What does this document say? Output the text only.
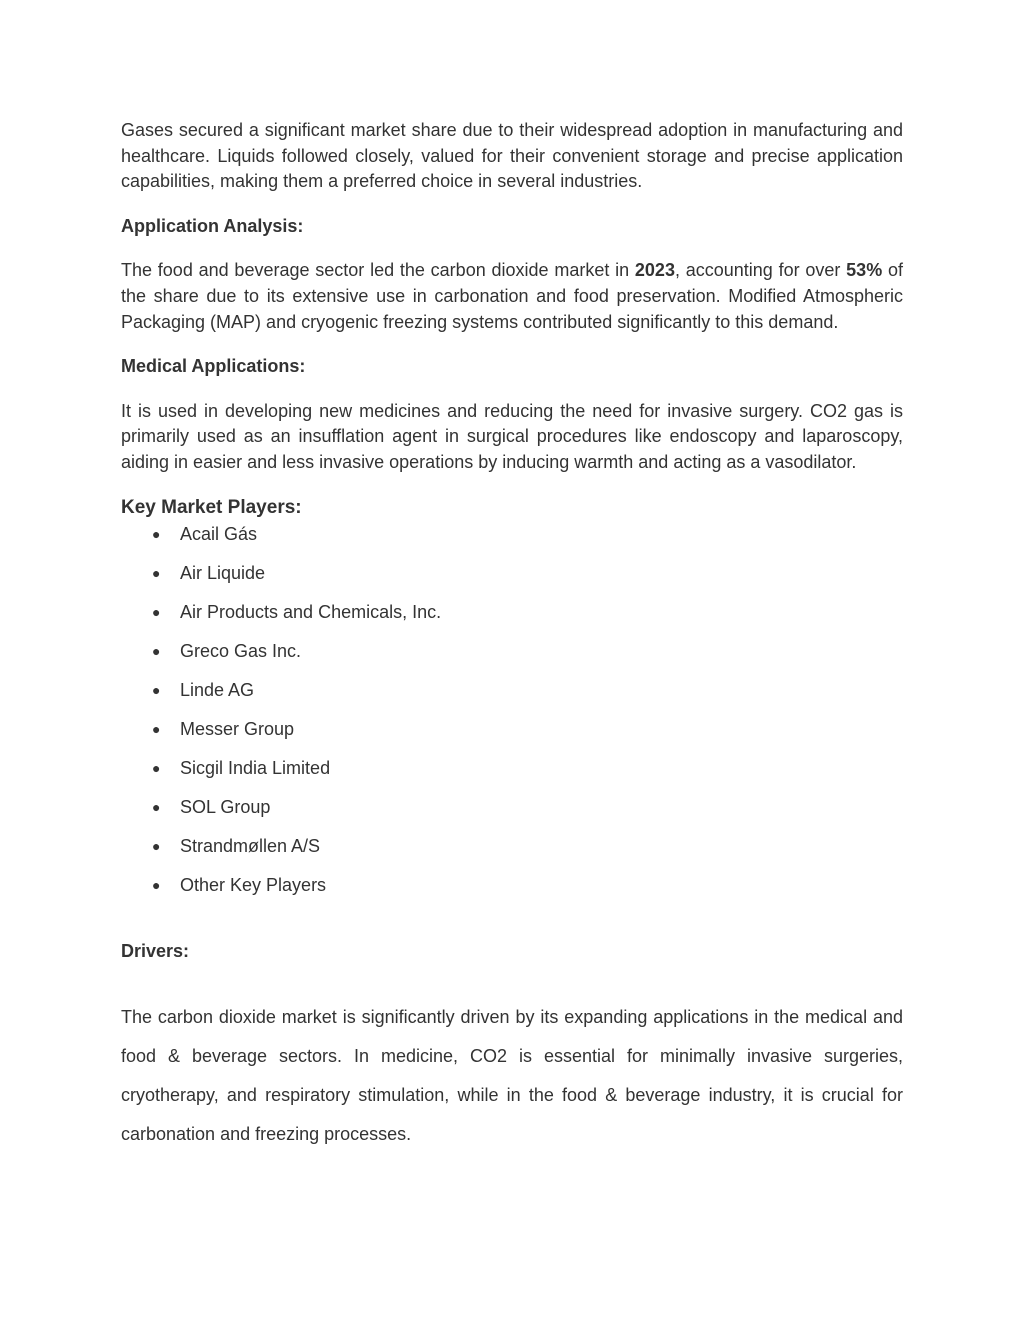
Gases secured a significant market share due to their widespread adoption in manufacturing and healthcare. Liquids followed closely, valued for their convenient storage and precise application capabilities, making them a preferred choice in several industries.

Application Analysis:

The food and beverage sector led the carbon dioxide market in 2023, accounting for over 53% of the share due to its extensive use in carbonation and food preservation. Modified Atmospheric Packaging (MAP) and cryogenic freezing systems contributed significantly to this demand.

Medical Applications:

It is used in developing new medicines and reducing the need for invasive surgery. CO2 gas is primarily used as an insufflation agent in surgical procedures like endoscopy and laparoscopy, aiding in easier and less invasive operations by inducing warmth and acting as a vasodilator.

Key Market Players:
● Acail Gás
● Air Liquide
● Air Products and Chemicals, Inc.
● Greco Gas Inc.
● Linde AG
● Messer Group
● Sicgil India Limited
● SOL Group
● Strandmøllen A/S
● Other Key Players
Drivers:

The carbon dioxide market is significantly driven by its expanding applications in the medical and food & beverage sectors. In medicine, CO2 is essential for minimally invasive surgeries, cryotherapy, and respiratory stimulation, while in the food & beverage industry, it is crucial for carbonation and freezing processes.
